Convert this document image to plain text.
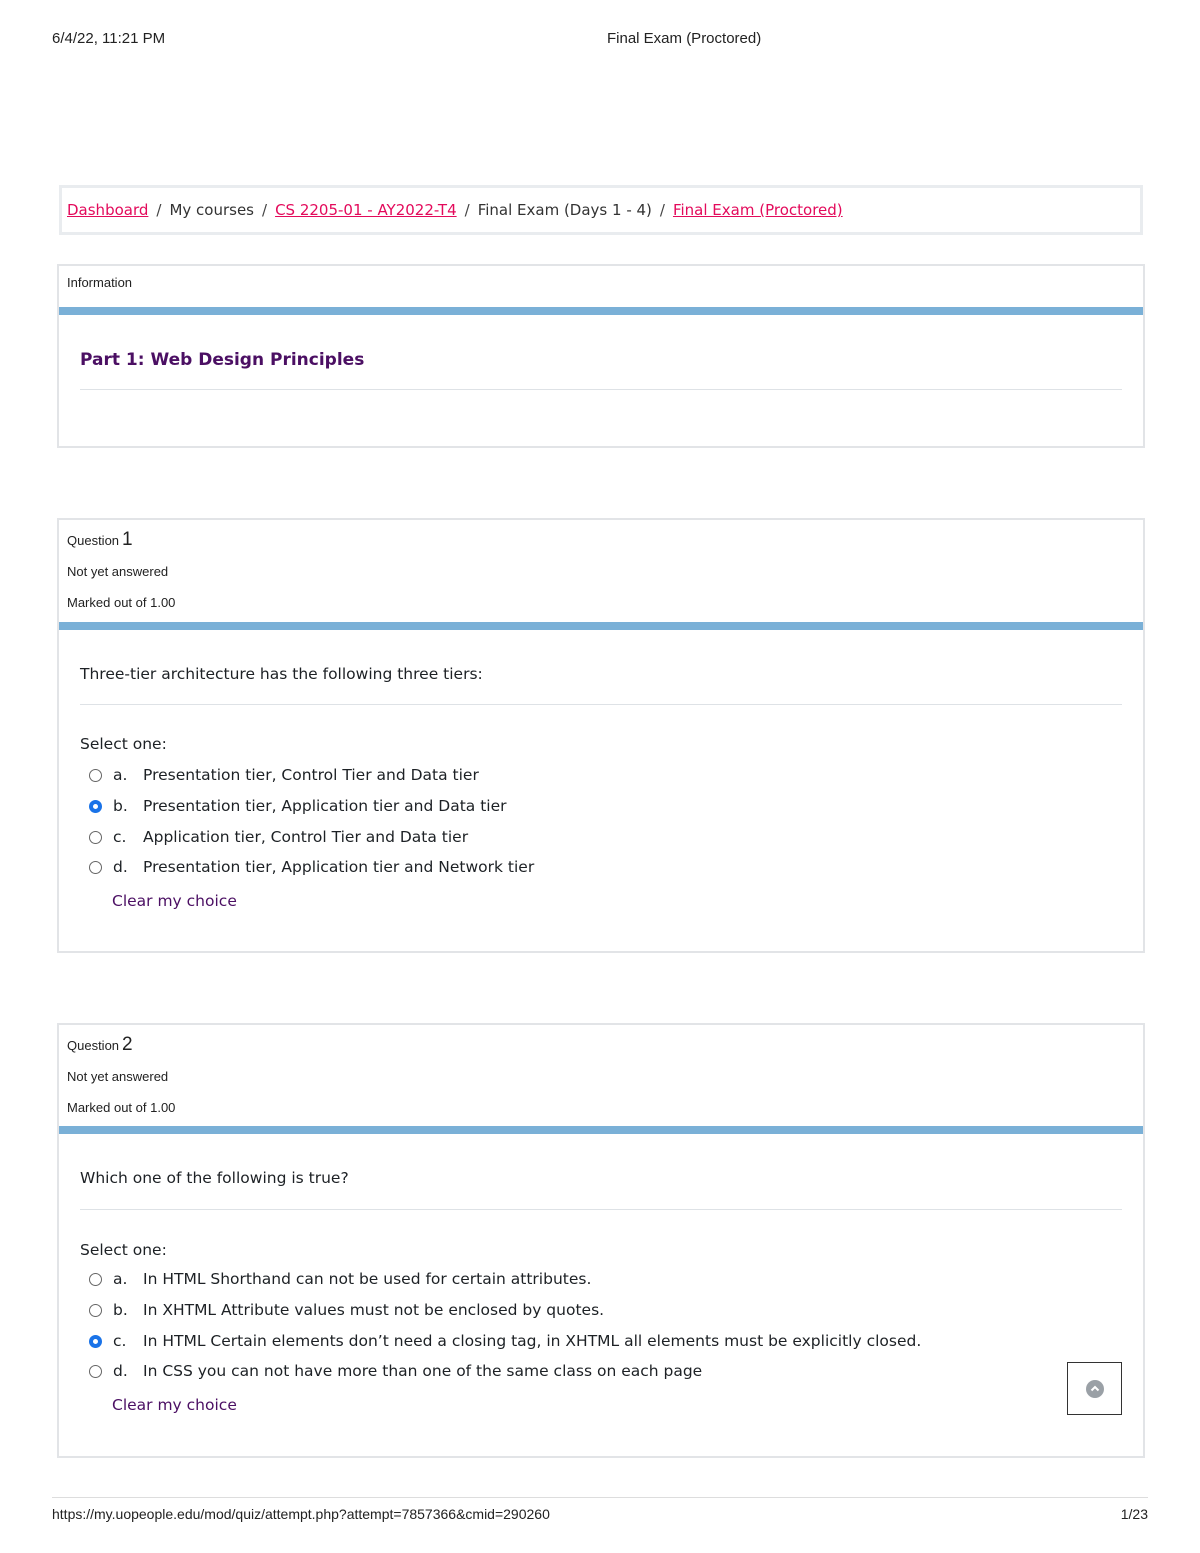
6/4/22, 11:21 PM	Final Exam (Proctored)
Dashboard / My courses / CS 2205-01 - AY2022-T4 / Final Exam (Days 1 - 4) / Final Exam (Proctored)
Information
Part 1: Web Design Principles
Question 1
Not yet answered
Marked out of 1.00
Three-tier architecture has the following three tiers:
Select one:
a.	Presentation tier, Control Tier and Data tier
b. Presentation tier, Application tier and Data tier
c.	Application tier, Control Tier and Data tier
d. Presentation tier, Application tier and Network tier
Clear my choice
Question 2
Not yet answered
Marked out of 1.00
Which one of the following is true?
Select one:
a.	In HTML Shorthand can not be used for certain attributes.
b. In XHTML Attribute values must not be enclosed by quotes.
c.	In HTML Certain elements don’t need a closing tag, in XHTML all elements must be explicitly closed.
d. In CSS you can not have more than one of the same class on each page
Clear my choice
https://my.uopeople.edu/mod/quiz/attempt.php?attempt=7857366&cmid=290260	1/23
